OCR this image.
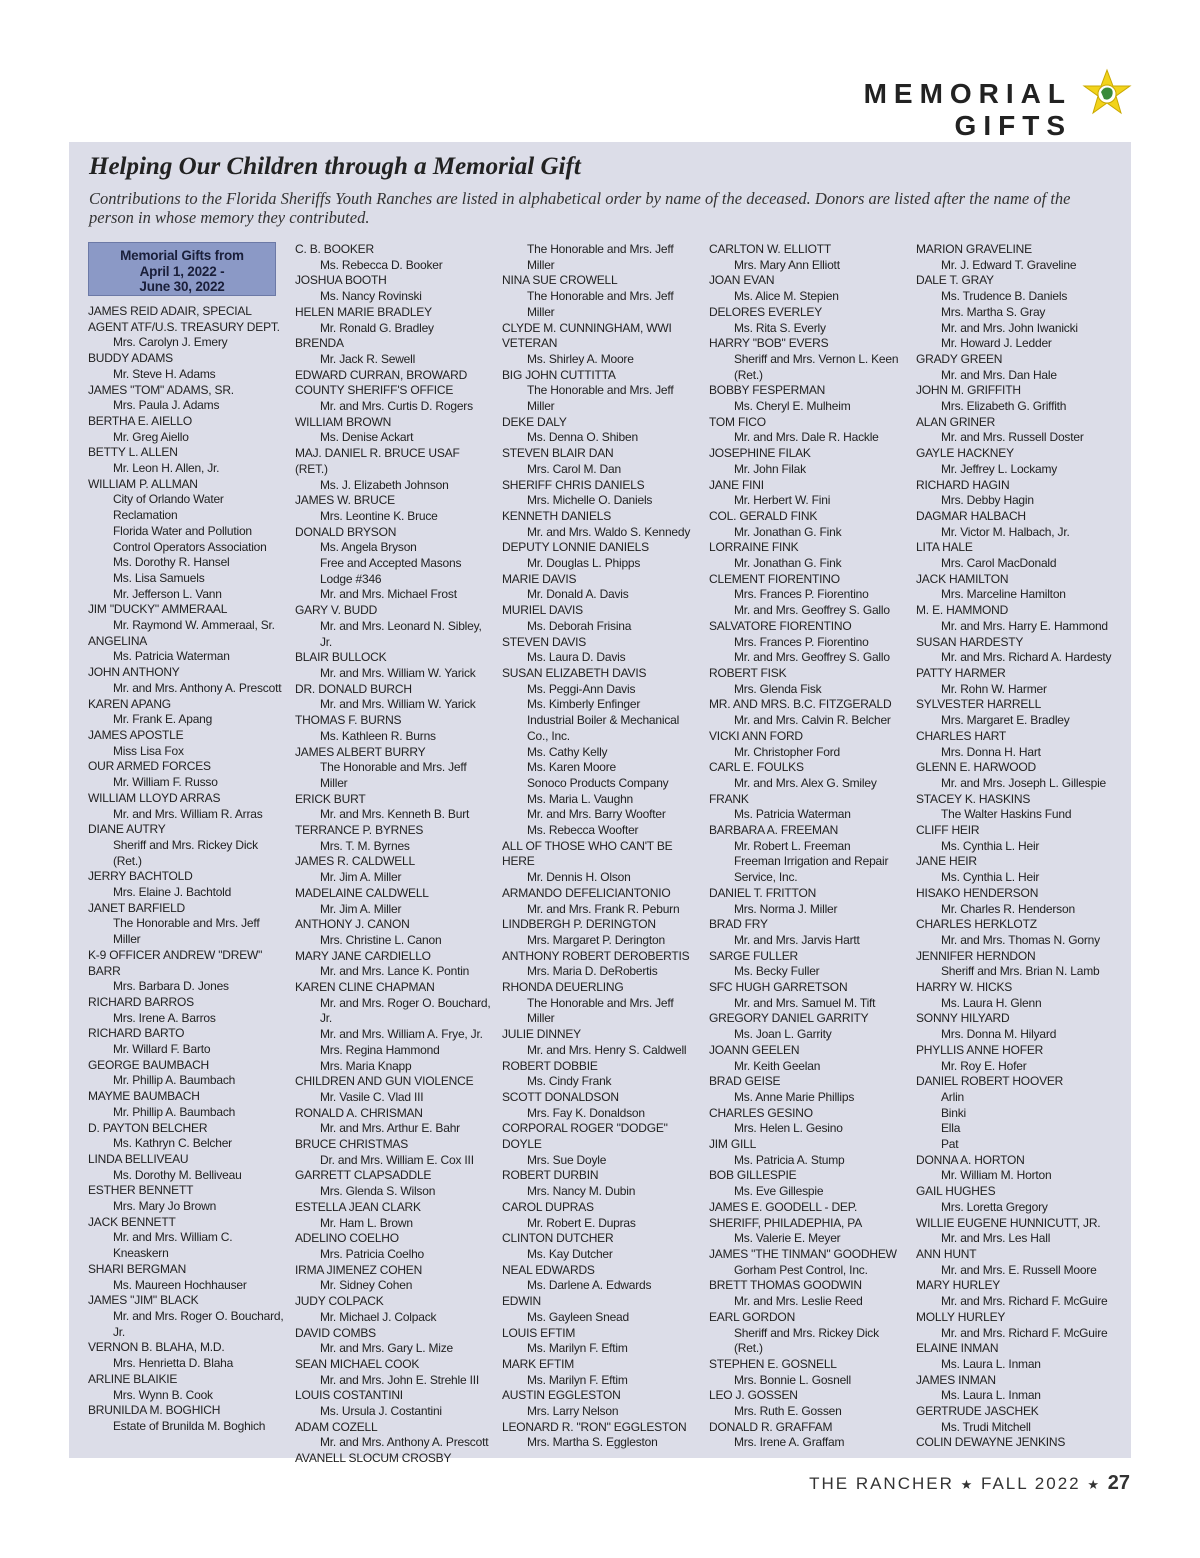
MEMORIAL GIFTS
Helping Our Children through a Memorial Gift
Contributions to the Florida Sheriffs Youth Ranches are listed in alphabetical order by name of the deceased. Donors are listed after the name of the person in whose memory they contributed.
Memorial Gifts from
April 1, 2022 -
June 30, 2022
JAMES REID ADAIR, SPECIAL AGENT ATF/U.S. TREASURY DEPT.
Mrs. Carolyn J. Emery
BUDDY ADAMS
Mr. Steve H. Adams
JAMES "TOM" ADAMS, SR.
Mrs. Paula J. Adams
BERTHA E. AIELLO
Mr. Greg Aiello
BETTY L. ALLEN
Mr. Leon H. Allen, Jr.
WILLIAM P. ALLMAN
City of Orlando Water Reclamation
Florida Water and Pollution Control Operators Association
Ms. Dorothy R. Hansel
Ms. Lisa Samuels
Mr. Jefferson L. Vann
JIM "DUCKY" AMMERAAL
Mr. Raymond W. Ammeraal, Sr.
ANGELINA
Ms. Patricia Waterman
JOHN ANTHONY
Mr. and Mrs. Anthony A. Prescott
KAREN APANG
Mr. Frank E. Apang
JAMES APOSTLE
Miss Lisa Fox
OUR ARMED FORCES
Mr. William F. Russo
WILLIAM LLOYD ARRAS
Mr. and Mrs. William R. Arras
DIANE AUTRY
Sheriff and Mrs. Rickey Dick (Ret.)
JERRY BACHTOLD
Mrs. Elaine J. Bachtold
JANET BARFIELD
The Honorable and Mrs. Jeff Miller
K-9 OFFICER ANDREW "DREW" BARR
Mrs. Barbara D. Jones
RICHARD BARROS
Mrs. Irene A. Barros
RICHARD BARTO
Mr. Willard F. Barto
GEORGE BAUMBACH
Mr. Phillip A. Baumbach
MAYME BAUMBACH
Mr. Phillip A. Baumbach
D. PAYTON BELCHER
Ms. Kathryn C. Belcher
LINDA BELLIVEAU
Ms. Dorothy M. Belliveau
ESTHER BENNETT
Mrs. Mary Jo Brown
JACK BENNETT
Mr. and Mrs. William C. Kneaskern
SHARI BERGMAN
Ms. Maureen Hochhauser
JAMES "JIM" BLACK
Mr. and Mrs. Roger O. Bouchard, Jr.
VERNON B. BLAHA, M.D.
Mrs. Henrietta D. Blaha
ARLINE BLAIKIE
Mrs. Wynn B. Cook
BRUNILDA M. BOGHICH
Estate of Brunilda M. Boghich
C. B. BOOKER
Ms. Rebecca D. Booker
JOSHUA BOOTH
Ms. Nancy Rovinski
HELEN MARIE BRADLEY
Mr. Ronald G. Bradley
BRENDA
Mr. Jack R. Sewell
EDWARD CURRAN, BROWARD COUNTY SHERIFF'S OFFICE
Mr. and Mrs. Curtis D. Rogers
WILLIAM BROWN
Ms. Denise Ackart
MAJ. DANIEL R. BRUCE USAF (RET.)
Ms. J. Elizabeth Johnson
JAMES W. BRUCE
Mrs. Leontine K. Bruce
DONALD BRYSON
Ms. Angela Bryson
Free and Accepted Masons Lodge #346
Mr. and Mrs. Michael Frost
GARY V. BUDD
Mr. and Mrs. Leonard N. Sibley, Jr.
BLAIR BULLOCK
Mr. and Mrs. William W. Yarick
DR. DONALD BURCH
Mr. and Mrs. William W. Yarick
THOMAS F. BURNS
Ms. Kathleen R. Burns
JAMES ALBERT BURRY
The Honorable and Mrs. Jeff Miller
ERICK BURT
Mr. and Mrs. Kenneth B. Burt
TERRANCE P. BYRNES
Mrs. T. M. Byrnes
JAMES R. CALDWELL
Mr. Jim A. Miller
MADELAINE CALDWELL
Mr. Jim A. Miller
ANTHONY J. CANON
Mrs. Christine L. Canon
MARY JANE CARDIELLO
Mr. and Mrs. Lance K. Pontin
KAREN CLINE CHAPMAN
Mr. and Mrs. Roger O. Bouchard, Jr.
Mr. and Mrs. William A. Frye, Jr.
Mrs. Regina Hammond
Mrs. Maria Knapp
CHILDREN AND GUN VIOLENCE
Mr. Vasile C. Vlad III
RONALD A. CHRISMAN
Mr. and Mrs. Arthur E. Bahr
BRUCE CHRISTMAS
Dr. and Mrs. William E. Cox III
GARRETT CLAPSADDLE
Mrs. Glenda S. Wilson
ESTELLA JEAN CLARK
Mr. Ham L. Brown
ADELINO COELHO
Mrs. Patricia Coelho
IRMA JIMENEZ COHEN
Mr. Sidney Cohen
JUDY COLPACK
Mr. Michael J. Colpack
DAVID COMBS
Mr. and Mrs. Gary L. Mize
SEAN MICHAEL COOK
Mr. and Mrs. John E. Strehle III
LOUIS COSTANTINI
Ms. Ursula J. Costantini
ADAM COZELL
Mr. and Mrs. Anthony A. Prescott
AVANELL SLOCUM CROSBY
The Honorable and Mrs. Jeff Miller
NINA SUE CROWELL
The Honorable and Mrs. Jeff Miller
CLYDE M. CUNNINGHAM, WWI VETERAN
Ms. Shirley A. Moore
BIG JOHN CUTTITTA
The Honorable and Mrs. Jeff Miller
DEKE DALY
Ms. Denna O. Shiben
STEVEN BLAIR DAN
Mrs. Carol M. Dan
SHERIFF CHRIS DANIELS
Mrs. Michelle O. Daniels
KENNETH DANIELS
Mr. and Mrs. Waldo S. Kennedy
DEPUTY LONNIE DANIELS
Mr. Douglas L. Phipps
MARIE DAVIS
Mr. Donald A. Davis
MURIEL DAVIS
Ms. Deborah Frisina
STEVEN DAVIS
Ms. Laura D. Davis
SUSAN ELIZABETH DAVIS
Ms. Peggi-Ann Davis
Ms. Kimberly Enfinger
Industrial Boiler & Mechanical Co., Inc.
Ms. Cathy Kelly
Ms. Karen Moore
Sonoco Products Company
Ms. Maria L. Vaughn
Mr. and Mrs. Barry Woofter
Ms. Rebecca Woofter
ALL OF THOSE WHO CAN'T BE HERE
Mr. Dennis H. Olson
ARMANDO DEFELICIANTONIO
Mr. and Mrs. Frank R. Peburn
LINDBERGH P. DERINGTON
Mrs. Margaret P. Derington
ANTHONY ROBERT DEROBERTIS
Mrs. Maria D. DeRobertis
RHONDA DEUERLING
The Honorable and Mrs. Jeff Miller
JULIE DINNEY
Mr. and Mrs. Henry S. Caldwell
ROBERT DOBBIE
Ms. Cindy Frank
SCOTT DONALDSON
Mrs. Fay K. Donaldson
CORPORAL ROGER "DODGE" DOYLE
Mrs. Sue Doyle
ROBERT DURBIN
Mrs. Nancy M. Dubin
CAROL DUPRAS
Mr. Robert E. Dupras
CLINTON DUTCHER
Ms. Kay Dutcher
NEAL EDWARDS
Ms. Darlene A. Edwards
EDWIN
Ms. Gayleen Snead
LOUIS EFTIM
Ms. Marilyn F. Eftim
MARK EFTIM
Ms. Marilyn F. Eftim
AUSTIN EGGLESTON
Mrs. Larry Nelson
LEONARD R. "RON" EGGLESTON
Mrs. Martha S. Eggleston
CARLTON W. ELLIOTT
Mrs. Mary Ann Elliott
JOAN EVAN
Ms. Alice M. Stepien
DELORES EVERLEY
Ms. Rita S. Everly
HARRY "BOB" EVERS
Sheriff and Mrs. Vernon L. Keen (Ret.)
BOBBY FESPERMAN
Ms. Cheryl E. Mulheim
TOM FICO
Mr. and Mrs. Dale R. Hackle
JOSEPHINE FILAK
Mr. John Filak
JANE FINI
Mr. Herbert W. Fini
COL. GERALD FINK
Mr. Jonathan G. Fink
LORRAINE FINK
Mr. Jonathan G. Fink
CLEMENT FIORENTINO
Mrs. Frances P. Fiorentino
Mr. and Mrs. Geoffrey S. Gallo
SALVATORE FIORENTINO
Mrs. Frances P. Fiorentino
Mr. and Mrs. Geoffrey S. Gallo
ROBERT FISK
Mrs. Glenda Fisk
MR. AND MRS. B.C. FITZGERALD
Mr. and Mrs. Calvin R. Belcher
VICKI ANN FORD
Mr. Christopher Ford
CARL E. FOULKS
Mr. and Mrs. Alex G. Smiley
FRANK
Ms. Patricia Waterman
BARBARA A. FREEMAN
Mr. Robert L. Freeman
Freeman Irrigation and Repair Service, Inc.
DANIEL T. FRITTON
Mrs. Norma J. Miller
BRAD FRY
Mr. and Mrs. Jarvis Hartt
SARGE FULLER
Ms. Becky Fuller
SFC HUGH GARRETSON
Mr. and Mrs. Samuel M. Tift
GREGORY DANIEL GARRITY
Ms. Joan L. Garrity
JOANN GEELEN
Mr. Keith Geelan
BRAD GEISE
Ms. Anne Marie Phillips
CHARLES GESINO
Mrs. Helen L. Gesino
JIM GILL
Ms. Patricia A. Stump
BOB GILLESPIE
Ms. Eve Gillespie
JAMES E. GOODELL - DEP. SHERIFF, PHILADEPHIA, PA
Ms. Valerie E. Meyer
JAMES "THE TINMAN" GOODHEW
Gorham Pest Control, Inc.
BRETT THOMAS GOODWIN
Mr. and Mrs. Leslie Reed
EARL GORDON
Sheriff and Mrs. Rickey Dick (Ret.)
STEPHEN E. GOSNELL
Mrs. Bonnie L. Gosnell
LEO J. GOSSEN
Mrs. Ruth E. Gossen
DONALD R. GRAFFAM
Mrs. Irene A. Graffam
MARION GRAVELINE
Mr. J. Edward T. Graveline
DALE T. GRAY
Ms. Trudence B. Daniels
Mrs. Martha S. Gray
Mr. and Mrs. John Iwanicki
Mr. Howard J. Ledder
GRADY GREEN
Mr. and Mrs. Dan Hale
JOHN M. GRIFFITH
Mrs. Elizabeth G. Griffith
ALAN GRINER
Mr. and Mrs. Russell Doster
GAYLE HACKNEY
Mr. Jeffrey L. Lockamy
RICHARD HAGIN
Mrs. Debby Hagin
DAGMAR HALBACH
Mr. Victor M. Halbach, Jr.
LITA HALE
Mrs. Carol MacDonald
JACK HAMILTON
Mrs. Marceline Hamilton
M. E. HAMMOND
Mr. and Mrs. Harry E. Hammond
SUSAN HARDESTY
Mr. and Mrs. Richard A. Hardesty
PATTY HARMER
Mr. Rohn W. Harmer
SYLVESTER HARRELL
Mrs. Margaret E. Bradley
CHARLES HART
Mrs. Donna H. Hart
GLENN E. HARWOOD
Mr. and Mrs. Joseph L. Gillespie
STACEY K. HASKINS
The Walter Haskins Fund
CLIFF HEIR
Ms. Cynthia L. Heir
JANE HEIR
Ms. Cynthia L. Heir
HISAKO HENDERSON
Mr. Charles R. Henderson
CHARLES HERKLOTZ
Mr. and Mrs. Thomas N. Gorny
JENNIFER HERNDON
Sheriff and Mrs. Brian N. Lamb
HARRY W. HICKS
Ms. Laura H. Glenn
SONNY HILYARD
Mrs. Donna M. Hilyard
PHYLLIS ANNE HOFER
Mr. Roy E. Hofer
DANIEL ROBERT HOOVER
Arlin
Binki
Ella
Pat
DONNA A. HORTON
Mr. William M. Horton
GAIL HUGHES
Mrs. Loretta Gregory
WILLIE EUGENE HUNNICUTT, JR.
Mr. and Mrs. Les Hall
ANN HUNT
Mr. and Mrs. E. Russell Moore
MARY HURLEY
Mr. and Mrs. Richard F. McGuire
MOLLY HURLEY
Mr. and Mrs. Richard F. McGuire
ELAINE INMAN
Ms. Laura L. Inman
JAMES INMAN
Ms. Laura L. Inman
GERTRUDE JASCHEK
Ms. Trudi Mitchell
COLIN DEWAYNE JENKINS
THE RANCHER ★ FALL 2022 ★ 27
